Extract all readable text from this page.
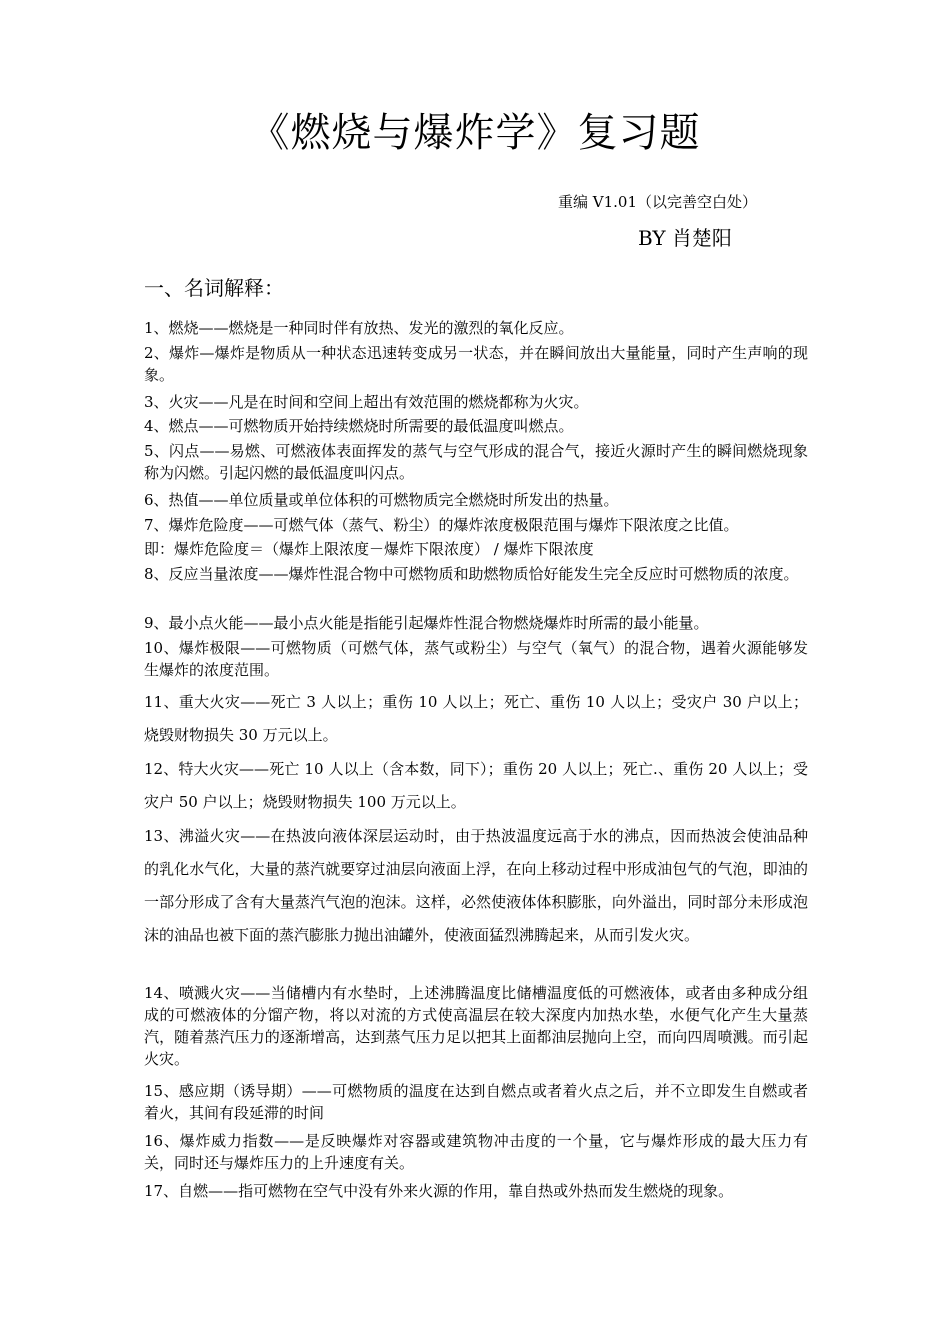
《燃烧与爆炸学》复习题
重编 V1.01（以完善空白处）
BY 肖楚阳
一、名词解释：

1、燃烧——燃烧是一种同时伴有放热、发光的激烈的氧化反应。

2、爆炸—爆炸是物质从一种状态迅速转变成另一状态，并在瞬间放出大量能量，同时产生声响的现象。

3、火灾——凡是在时间和空间上超出有效范围的燃烧都称为火灾。

4、燃点——可燃物质开始持续燃烧时所需要的最低温度叫燃点。

5、闪点——易燃、可燃液体表面挥发的蒸气与空气形成的混合气，接近火源时产生的瞬间燃烧现象称为闪燃。引起闪燃的最低温度叫闪点。

6、热值——单位质量或单位体积的可燃物质完全燃烧时所发出的热量。

7、爆炸危险度——可燃气体（蒸气、粉尘）的爆炸浓度极限范围与爆炸下限浓度之比值。

即：爆炸危险度＝（爆炸上限浓度－爆炸下限浓度） / 爆炸下限浓度

8、反应当量浓度——爆炸性混合物中可燃物质和助燃物质恰好能发生完全反应时可燃物质的浓度。

9、最小点火能——最小点火能是指能引起爆炸性混合物燃烧爆炸时所需的最小能量。

10、爆炸极限——可燃物质（可燃气体，蒸气或粉尘）与空气（氧气）的混合物，遇着火源能够发生爆炸的浓度范围。

11、重大火灾——死亡 3 人以上；重伤 10 人以上；死亡、重伤 10 人以上；受灾户 30 户以上；烧毁财物损失 30 万元以上。

12、特大火灾——死亡 10 人以上（含本数，同下）；重伤 20 人以上；死亡.、重伤 20 人以上；受灾户 50 户以上；烧毁财物损失 100 万元以上。

13、沸溢火灾——在热波向液体深层运动时，由于热波温度远高于水的沸点，因而热波会使油品种的乳化水气化，大量的蒸汽就要穿过油层向液面上浮，在向上移动过程中形成油包气的气泡，即油的一部分形成了含有大量蒸汽气泡的泡沫。这样，必然使液体体积膨胀，向外溢出，同时部分未形成泡沫的油品也被下面的蒸汽膨胀力抛出油罐外，使液面猛烈沸腾起来，从而引发火灾。

14、喷溅火灾——当储槽内有水垫时，上述沸腾温度比储槽温度低的可燃液体，或者由多种成分组成的可燃液体的分馏产物，将以对流的方式使高温层在较大深度内加热水垫，水便气化产生大量蒸汽，随着蒸汽压力的逐渐增高，达到蒸气压力足以把其上面都油层抛向上空，而向四周喷溅。而引起火灾。

15、感应期（诱导期）——可燃物质的温度在达到自燃点或者着火点之后，并不立即发生自燃或者着火，其间有段延滞的时间

16、爆炸威力指数——是反映爆炸对容器或建筑物冲击度的一个量，它与爆炸形成的最大压力有关，同时还与爆炸压力的上升速度有关。

17、自燃——指可燃物在空气中没有外来火源的作用，靠自热或外热而发生燃烧的现象。
